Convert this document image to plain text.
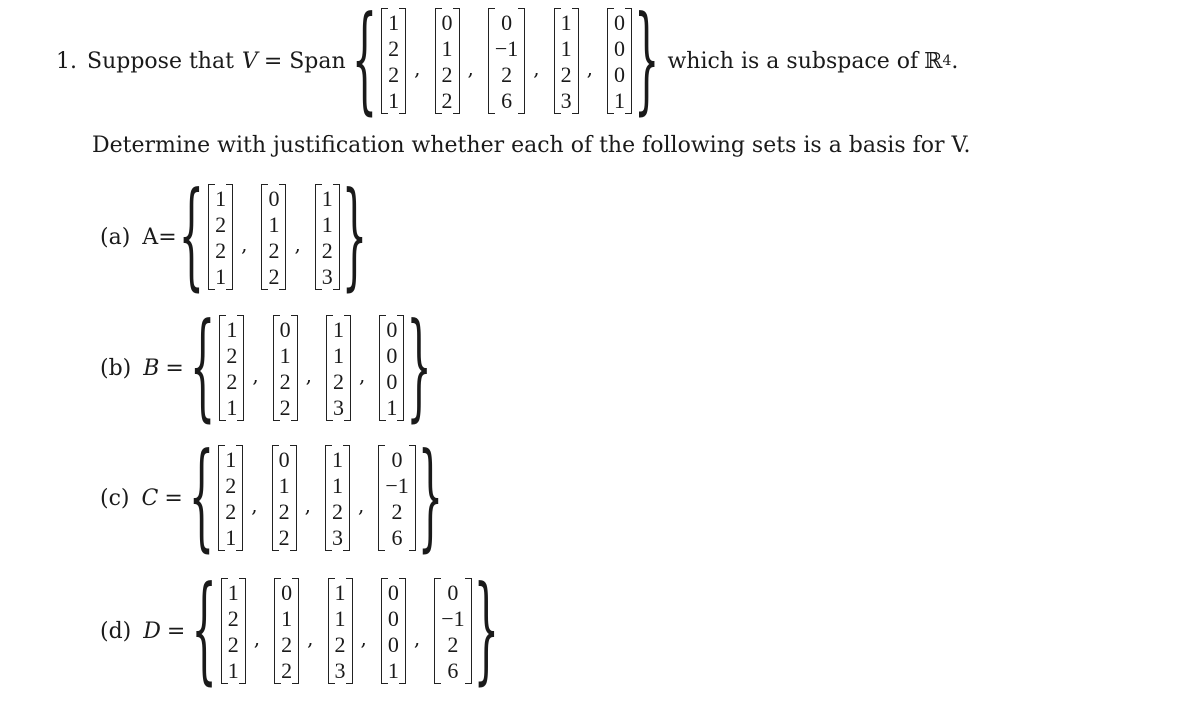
1. Suppose that V = Span { 1
2
2
1
,
0
1
2
2
,
0
−1
2
6
,
1
1
2
3
,
0
0
0
1 } which is a subspace of ℝ 4 .
Determine with justification whether each of the following sets is a basis for V.
(a) A = { 1
2
2
1
,
0
1
2
2
,
1
1
2
3 }
(b) B = { 1
2
2
1
,
0
1
2
2
,
1
1
2
3
,
0
0
0
1 }
(c) C = { 1
2
2
1
,
0
1
2
2
,
1
1
2
3
,
0
−1
2
6 }
(d) D = { 1
2
2
1
,
0
1
2
2
,
1
1
2
3
,
0
0
0
1
,
0
−1
2
6 }
